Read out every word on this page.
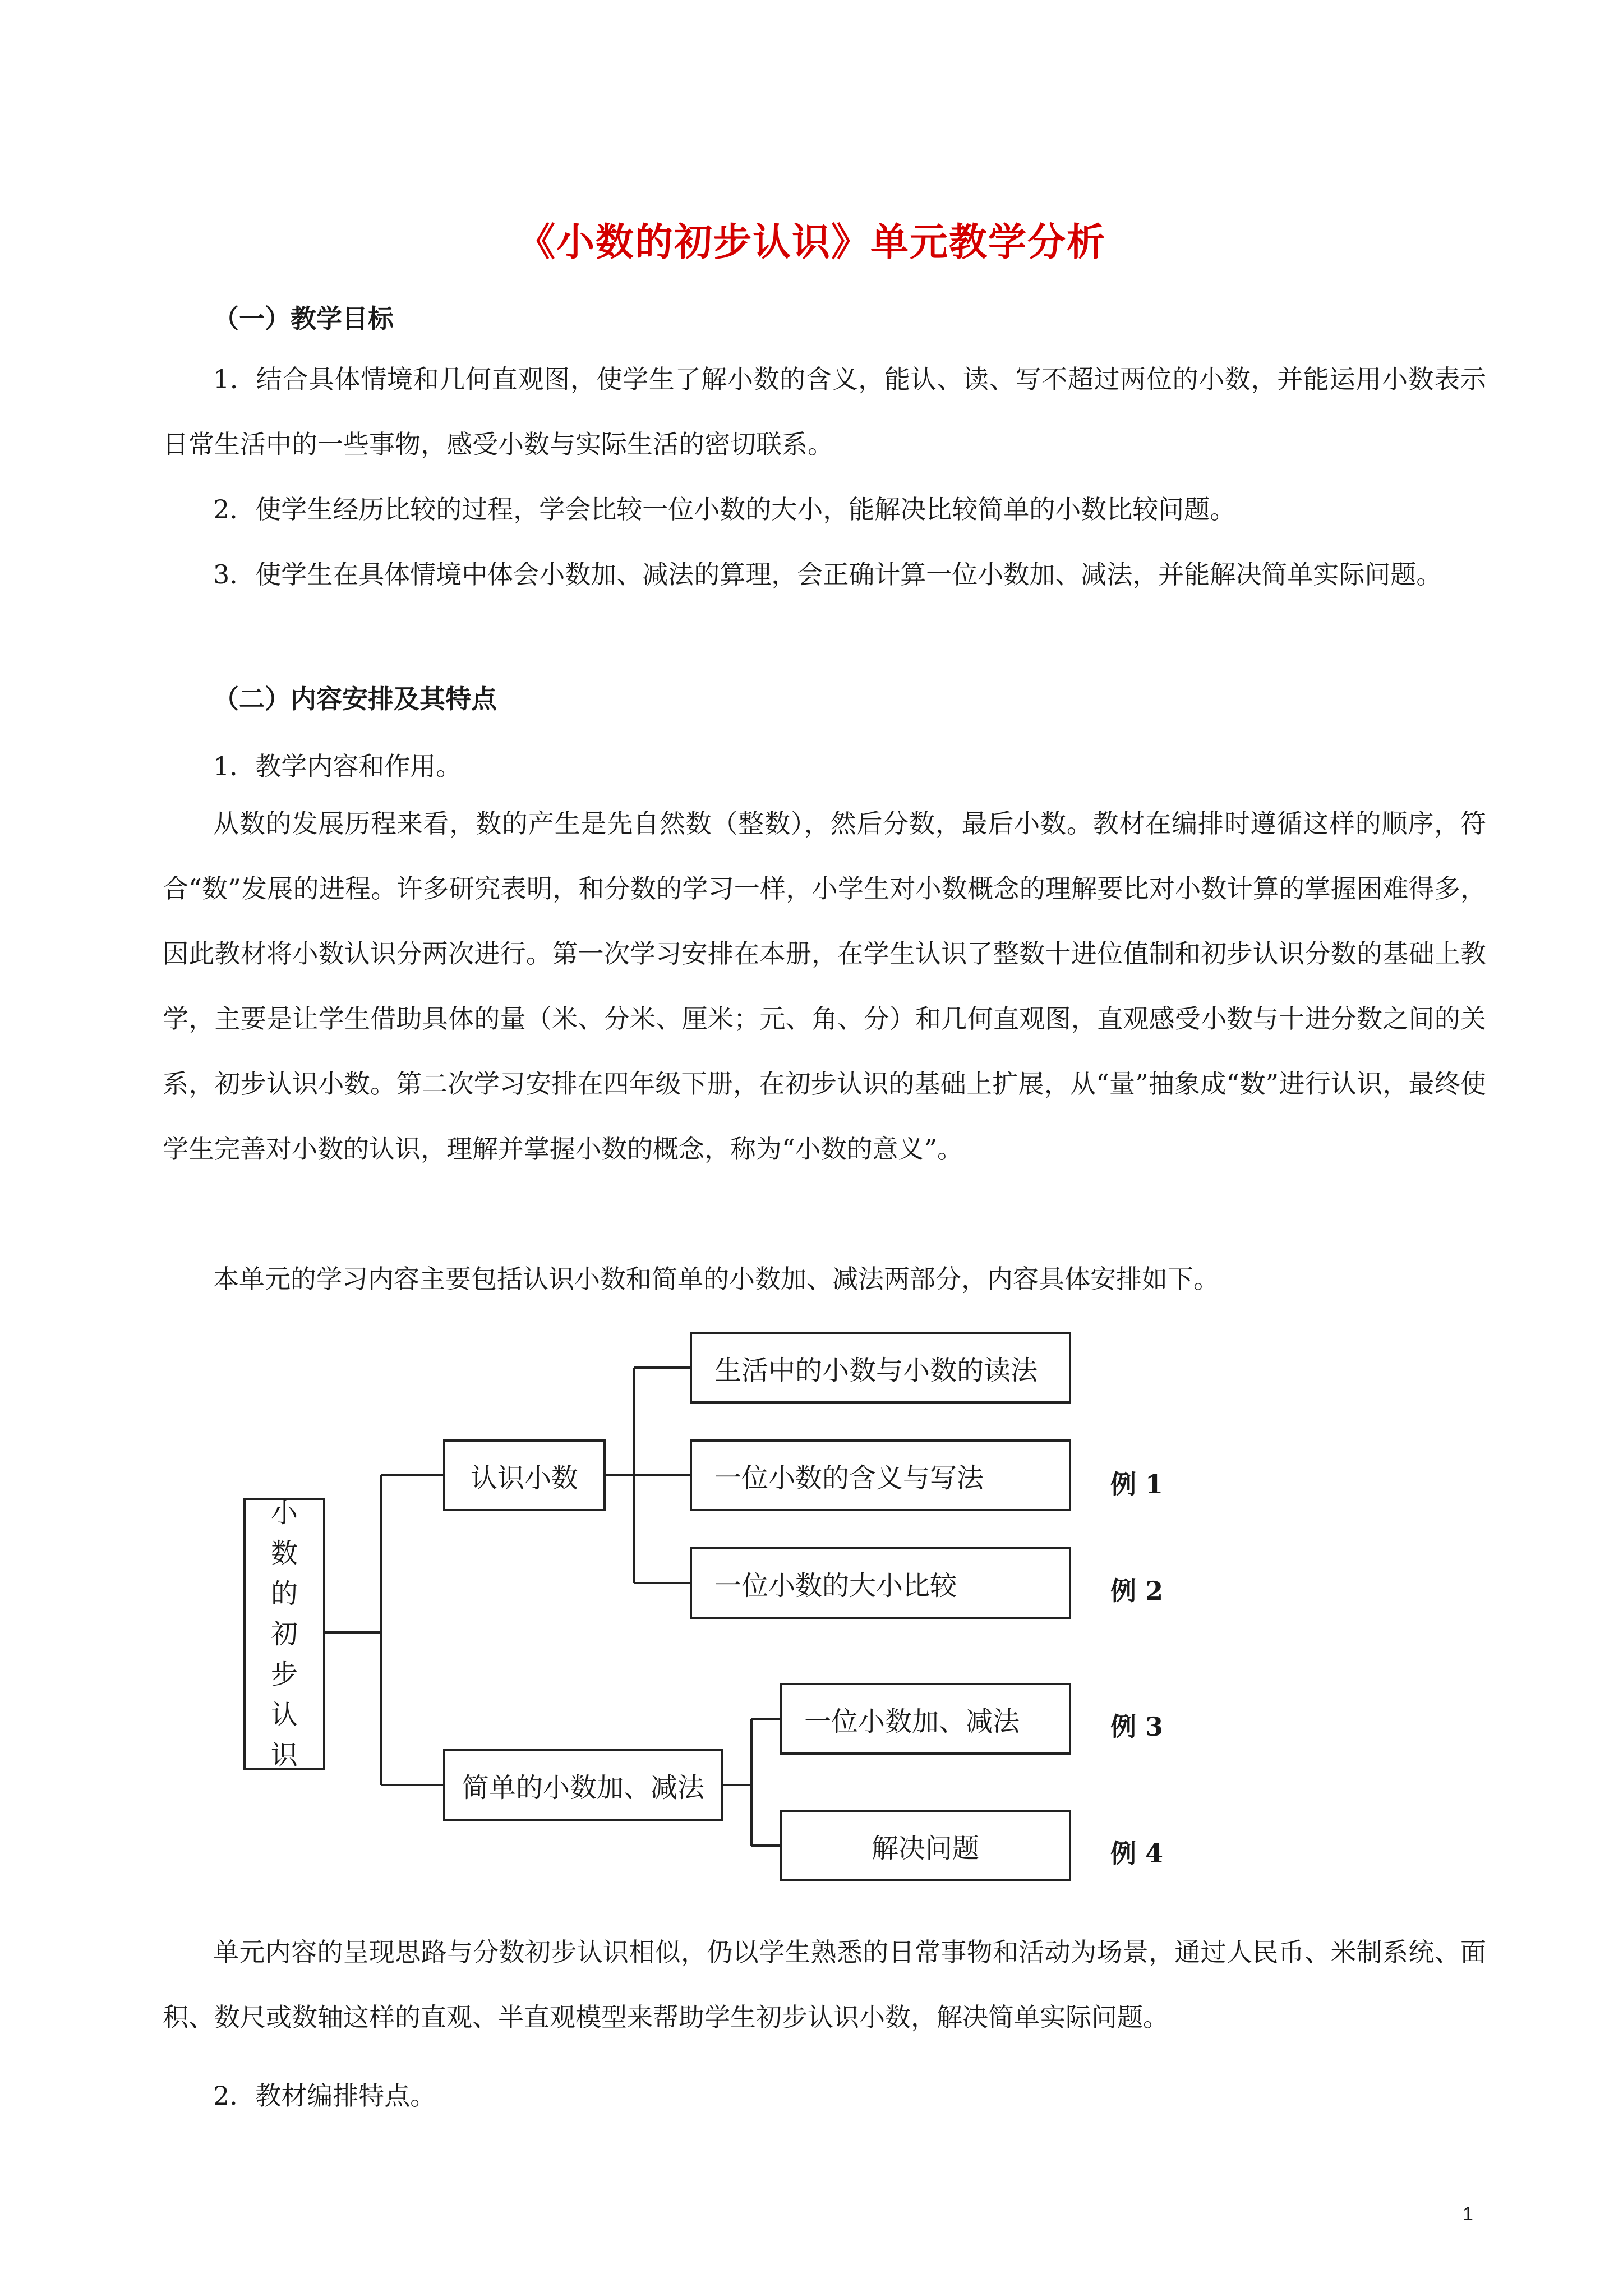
《小数的初步认识》单元教学分析
（一）教学目标
1．结合具体情境和几何直观图，使学生了解小数的含义，能认、读、写不超过两位的小数，并能运用小数表示日常生活中的一些事物，感受小数与实际生活的密切联系。
2．使学生经历比较的过程，学会比较一位小数的大小，能解决比较简单的小数比较问题。
3．使学生在具体情境中体会小数加、减法的算理，会正确计算一位小数加、减法，并能解决简单实际问题。
（二）内容安排及其特点
1．教学内容和作用。
从数的发展历程来看，数的产生是先自然数（整数），然后分数，最后小数。教材在编排时遵循这样的顺序，符合“数”发展的进程。许多研究表明，和分数的学习一样，小学生对小数概念的理解要比对小数计算的掌握困难得多，因此教材将小数认识分两次进行。第一次学习安排在本册，在学生认识了整数十进位值制和初步认识分数的基础上教学，主要是让学生借助具体的量（米、分米、厘米；元、角、分）和几何直观图，直观感受小数与十进分数之间的关系，初步认识小数。第二次学习安排在四年级下册，在初步认识的基础上扩展，从“量”抽象成“数”进行认识，最终使学生完善对小数的认识，理解并掌握小数的概念，称为“小数的意义”。
本单元的学习内容主要包括认识小数和简单的小数加、减法两部分，内容具体安排如下。
小
数
的
初
步
认
识
认识小数
简单的小数加、减法
生活中的小数与小数的读法
一位小数的含义与写法
一位小数的大小比较
一位小数加、减法
解决问题
例 1
例 2
例 3
例 4
单元内容的呈现思路与分数初步认识相似，仍以学生熟悉的日常事物和活动为场景，通过人民币、米制系统、面积、数尺或数轴这样的直观、半直观模型来帮助学生初步认识小数，解决简单实际问题。
2．教材编排特点。
1
